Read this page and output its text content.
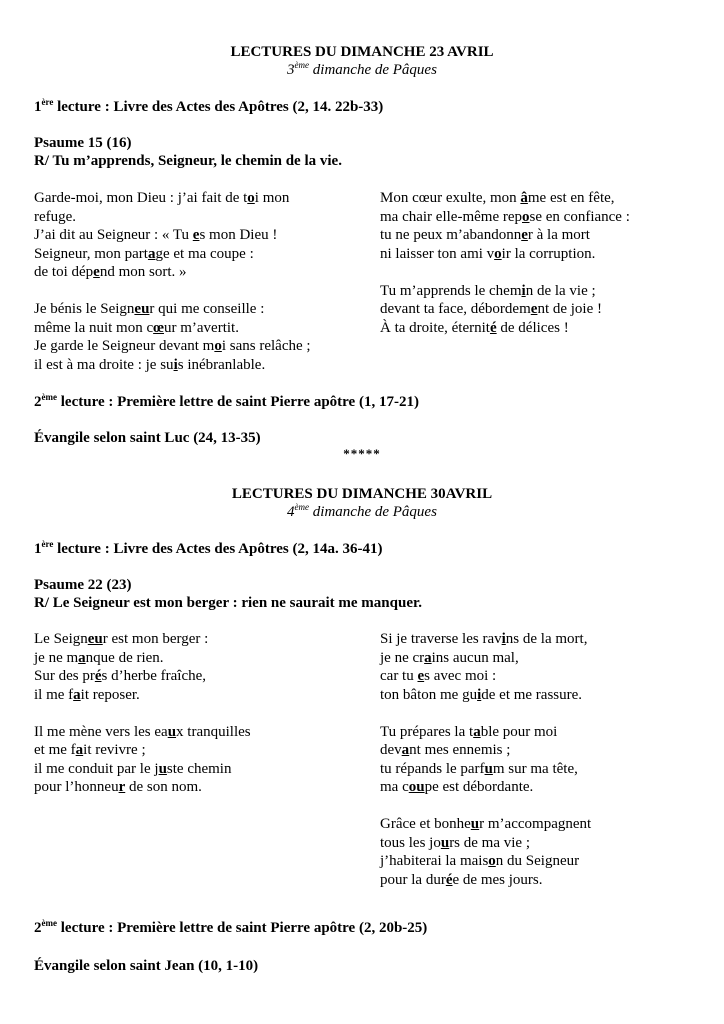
LECTURES DU DIMANCHE 23 AVRIL
3ème dimanche de Pâques
1ère lecture : Livre des Actes des Apôtres (2, 14. 22b-33)
Psaume 15 (16)
R/ Tu m’apprends, Seigneur, le chemin de la vie.
Garde-moi, mon Dieu : j’ai fait de toi mon
refuge.
J’ai dit au Seigneur : « Tu es mon Dieu !
Seigneur, mon partage et ma coupe :
de toi dépend mon sort. »
Je bénis le Seigneur qui me conseille :
même la nuit mon cœur m’avertit.
Je garde le Seigneur devant moi sans relâche ;
il est à ma droite : je suis inébranlable.
Mon cœur exulte, mon âme est en fête,
ma chair elle-même repose en confiance :
tu ne peux m’abandonner à la mort
ni laisser ton ami voir la corruption.
Tu m’apprends le chemin de la vie ;
devant ta face, débordement de joie !
À ta droite, éternité de délices !
2ème lecture : Première lettre de saint Pierre apôtre (1, 17-21)
Évangile selon saint Luc (24, 13-35)
*****
LECTURES DU DIMANCHE 30AVRIL
4ème dimanche de Pâques
1ère lecture : Livre des Actes des Apôtres (2, 14a. 36-41)
Psaume 22 (23)
R/ Le Seigneur est mon berger : rien ne saurait me manquer.
Le Seigneur est mon berger :
je ne manque de rien.
Sur des prés d’herbe fraîche,
il me fait reposer.
Il me mène vers les eaux tranquilles
et me fait revivre ;
il me conduit par le juste chemin
pour l’honneur de son nom.
Si je traverse les ravins de la mort,
je ne crains aucun mal,
car tu es avec moi :
ton bâton me guide et me rassure.
Tu prépares la table pour moi
devant mes ennemis ;
tu répands le parfum sur ma tête,
ma coupe est débordante.
Grâce et bonheur m’accompagnent
tous les jours de ma vie ;
j’habiterai la maison du Seigneur
pour la durée de mes jours.
2ème lecture : Première lettre de saint Pierre apôtre (2, 20b-25)
Évangile selon saint Jean (10, 1-10)
